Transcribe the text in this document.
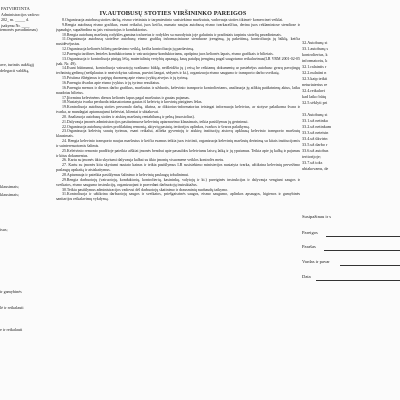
PATVIRTINTA
Administracijos vadovo
202_ m. _____ d.
įsakymu Nr. ____
iemonės pavadinimas)
ave, turintis aukštąjį
delegacii valdžią,
klausimais;
klausimais;
isus;
ir gamybinės
lė ir reikalauti
e ir reikalauti

8.Organizuoja autobusų stoties darbą, eismo vietiniais ir tarpmiestinio susisiekimo maršrutais, vadovauja stoties tikimei- komercinei veiklai.

9.Rengia autobusų eismo grafikus, esant reikalui, juos keičia, numato naujus autobusų eismo tvarkaraščius, derina juos reklaminiose stendiose ir įspaudųje, supažindina su jais vairuotojus ir konduktorius.

10.Rengia autobusų maršrutų rodykles,gamina trafaretus ir rodykles su nurodytais joje galutiniu ir pradiniais tarpiniu stotelių pavadinimais.

11.Organizuoja autobusų stotelėse autobusų eismo grafikų informaciniuose stenduose įrengimą, jų pakeitimą, kontroliuoja jų būklę, keičia nusidėvėjusius.

12.Organizuoja kelionės bilietų pardavimo veiklą, keičia kontroliuoja jų pardavimą.

12.Parengia tarifines lenteles konduktoriams ir vairuotojams-konduktoriams, aprūpina juos kelionės lapais, eismo grafikais ir bilietais.

13.Organizuoja ir kontroliuoja pinigų lėšų, materialinių vertybių apsaugą, kasų patalpų įrengimą pagal saugotumo reikalavimus(LR VRM 2001-02-05 įsak. Nr. 49).

14.Esant būtinumui, kontroliuoja vairuotojų svaikumo būklę, neišleidžia jų į reisą be reikiamų dokumentų ar pastebėjus autobuso gvarų pavojingų techninių gedimų (neišplautus ir neatvirkytus salonus, purvini langai, sėdynės ir kt.), organizuoja eismo saugumo ir transporto darbo sveikatą.

15.Prisiima išbėgimus ir pajėgų duomenų apie eismo įvykių atvejus ir jų tyrimą.

16.Parengia išvadas apie eismo įvykius ir jų tyrimo rezultatus.

16.Parengia memos ir dienos darbo grafikus, maršrutus ir užduotis, kelevinio transporto kontrolieriams, analizuoja jų atliktų patikrinimų aktus, laiku naudotus bilietus.

17.Įforminu kelevinėms dienos kelionės lapus pagal maršrutus ir gautas pajamas.

18.Nustatyta tvarka perduoda inkasatoriams gautas iš keleivių ir krovinių pinigines lėšas.

19.Kontroliuoja autobusų stoties personalo darbą, tikrina, ar diktorius-informatorius teisingai informuoja keleivius, ar stotyse palaikoma švara ir tvarka, ar mandagiai aptarnaujami keleiviai, klientai ir ubiakovai.

20. Analizuoja autobusų stoties ir atskirų maršrutų rentabilumą ir pelną (nuostolius).

21.Dalyvauja įmonės administracijos pasitarimuose kelevinių aptarnavimo klausimais, teikia pasiūlymus jų gerinimui.

22.Organizuoja autobusų stoties profilaktinę remontą, aktyvių pastatų, teritorijos aplinkos, tvarkos ir švaros palaikymą.

23.Organizuoja keleivių srautų tyrimus, esant reikalui, atlieka gyventojų ir atskirų institucijų atstovų apklausą kelevinio transporto maršrutų klausimais.

24. Rengia kelevinio transporto naujus maršrutus ir keičia esamus teikia juos tvirtinti, organizuoja kelevinių maršrutų derinimą su kitais institucijomis ir suinteresuotomis šalimis.

25.Keleivinio remonto pradžioje pateikia aiškiai įmonės bendrai apie pasauldos keleiviams laisvą laiką ir jų ypatumus. Teikia apie jų kalbą ir pajamas ir kitus dokumentus.

26. Kartu su įmonės ūkio skyriumi dalyvauja kalbai su ūkio įmonių visuomene veiklos kontrolės metu.

27. Kartu su įmonės kitu skyriumi nustato kainas ir teikia pasiūlymus LR susisiekimo ministerijos nustatyta tvarka, užtikrina kelevinių pervežimo paslaugų apskaitą ir atsiskaitymus.

28.Aptarnauja ir pateikia pasiūlymus šalinimo ir kelevinių paslaugų tobulinimui.

29.Rengia darbuotojų (vairuotojų, konduktorių, kontrolierių, kasininkų, valytojų ir kt.) pareiginės instrukcijas ir dalyvauja vengiant saugos ir sveikatos, eismo saugumo instrukcijų, organizuojant ir pravedant darbuotojų instruktažus.

30.Teikia pasiūlymus administracijos vadovui dėl darbuotojų skatinimo ir drausminių nuobaudų taikymo.

31.Kontroliuoja ir užtikrina darbuotojų saugos ir sveikatos, priešgaisrinės saugos, eismo saugumo, aplinkos apsaugos, higienos ir gamybinės sanitarijos reikalavimų vykdymą.

IV.AUTOBUSŲ STOTIES VIRŠININKO PAREIGOS
32.Autobusų st
33.1.autobusų s
kontrolierius, k
informatoriu, k
32.1.ralaintis r
32.2.nulatini n
32.3.kaip teikti
neturiaterius re
32.4.reikalavi
kad laiko būtų
32.5.sėklyti pri
33.Autobusų st
33.1.už netinka
33.2.už netinkam
33.3.už neteisin
33.4.už ūkvirin
33.5.už darbo r
33.6.už autobus
teritorijoje;
33.7.už toks
ubiakovams, de
Susipažinau ir s
Pareigos
Parašas
Vardas ir pavar
Data
